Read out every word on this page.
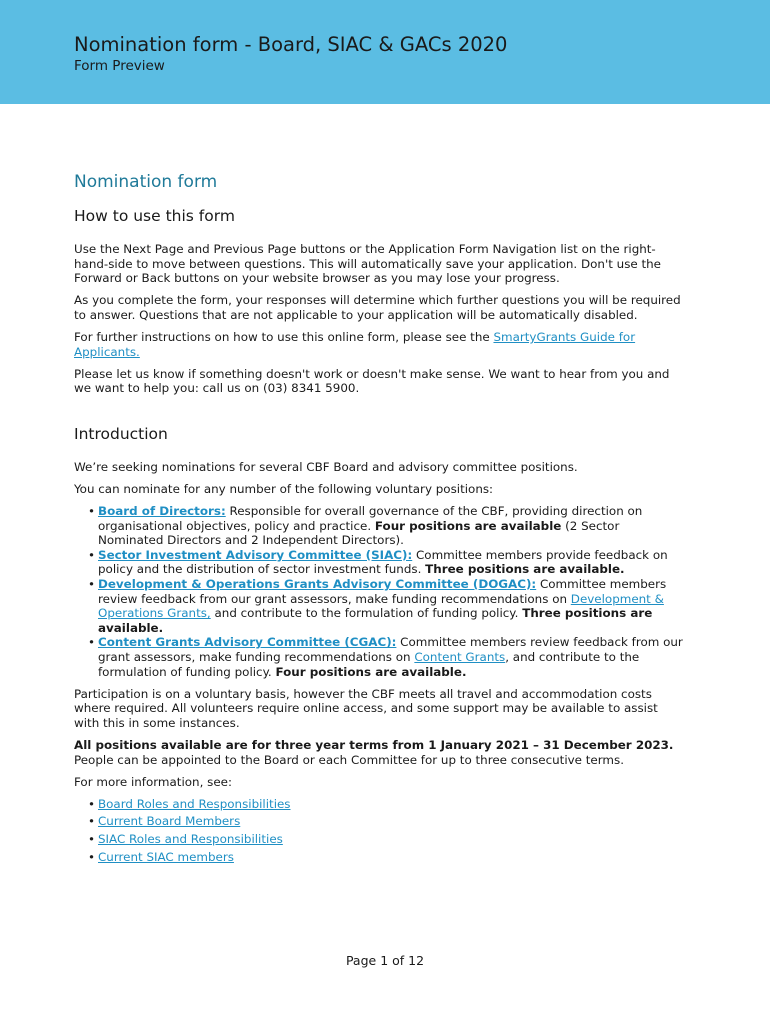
Nomination form - Board, SIAC & GACs 2020
Form Preview
Nomination form
How to use this form

Use the Next Page and Previous Page buttons or the Application Form Navigation list on the right-hand-side to move between questions. This will automatically save your application. Don't use the Forward or Back buttons on your website browser as you may lose your progress.

As you complete the form, your responses will determine which further questions you will be required to answer. Questions that are not applicable to your application will be automatically disabled.

For further instructions on how to use this online form, please see the SmartyGrants Guide for Applicants.

Please let us know if something doesn't work or doesn't make sense. We want to hear from you and we want to help you: call us on (03) 8341 5900.

Introduction

We’re seeking nominations for several CBF Board and advisory committee positions.

You can nominate for any number of the following voluntary positions:

• Board of Directors: Responsible for overall governance of the CBF, providing direction on organisational objectives, policy and practice. Four positions are available (2 Sector Nominated Directors and 2 Independent Directors).
• Sector Investment Advisory Committee (SIAC): Committee members provide feedback on policy and the distribution of sector investment funds. Three positions are available.
• Development & Operations Grants Advisory Committee (DOGAC): Committee members review feedback from our grant assessors, make funding recommendations on Development & Operations Grants, and contribute to the formulation of funding policy. Three positions are available.
• Content Grants Advisory Committee (CGAC): Committee members review feedback from our grant assessors, make funding recommendations on Content Grants, and contribute to the formulation of funding policy. Four positions are available.

Participation is on a voluntary basis, however the CBF meets all travel and accommodation costs where required. All volunteers require online access, and some support may be available to assist with this in some instances.

All positions available are for three year terms from 1 January 2021 – 31 December 2023. People can be appointed to the Board or each Committee for up to three consecutive terms.

For more information, see:

• Board Roles and Responsibilities
• Current Board Members
• SIAC Roles and Responsibilities
• Current SIAC members
Page 1 of 12
